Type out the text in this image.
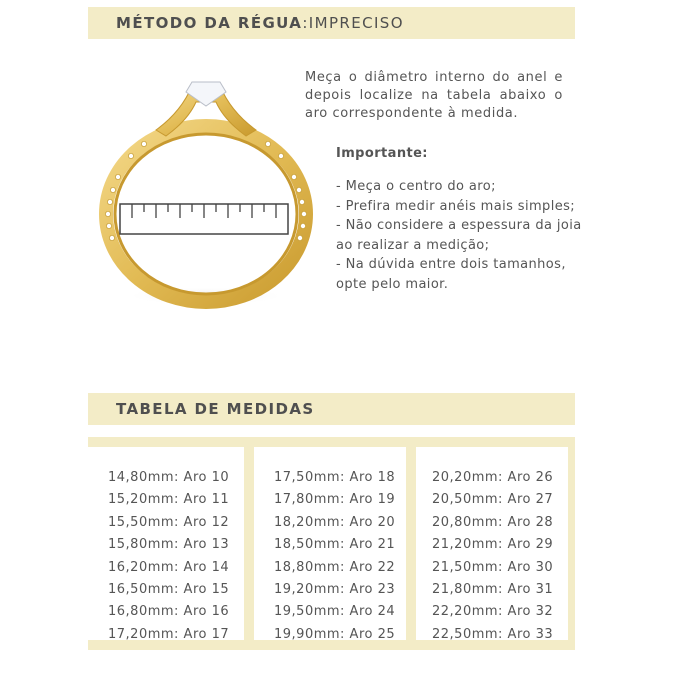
MÉTODO DA RÉGUA : IMPRECISO
Meça o diâmetro interno do anel e depois localize na tabela abaixo o aro correspondente à medida.
Importante:
- Meça o centro do aro;
- Prefira medir anéis mais simples;
- Não considere a espessura da joia
ao realizar a medição;
- Na dúvida entre dois tamanhos,
opte pelo maior.
TABELA DE MEDIDAS
14,80mm: Aro 10
15,20mm: Aro 11
15,50mm: Aro 12
15,80mm: Aro 13
16,20mm: Aro 14
16,50mm: Aro 15
16,80mm: Aro 16
17,20mm: Aro 17
17,50mm: Aro 18
17,80mm: Aro 19
18,20mm: Aro 20
18,50mm: Aro 21
18,80mm: Aro 22
19,20mm: Aro 23
19,50mm: Aro 24
19,90mm: Aro 25
20,20mm: Aro 26
20,50mm: Aro 27
20,80mm: Aro 28
21,20mm: Aro 29
21,50mm: Aro 30
21,80mm: Aro 31
22,20mm: Aro 32
22,50mm: Aro 33
